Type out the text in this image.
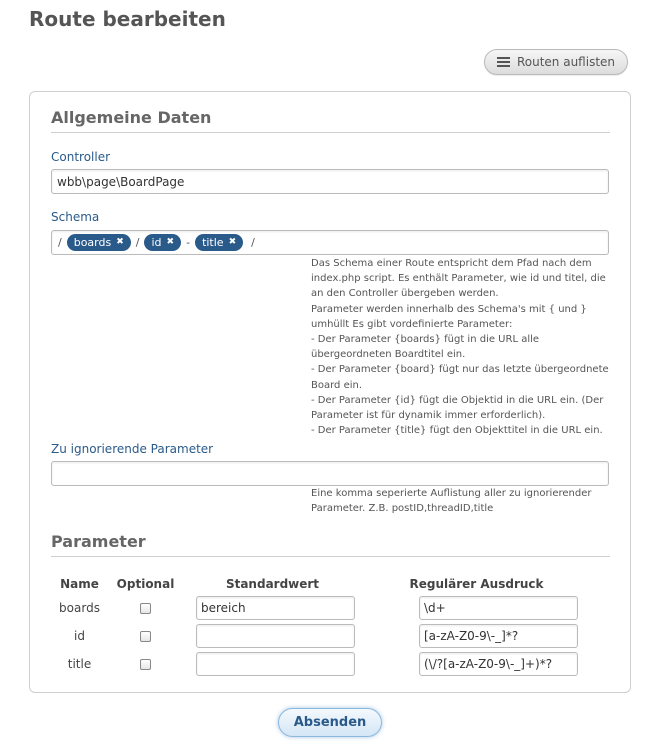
Route bearbeiten
Routen auflisten
Allgemeine Daten
Controller
wbb\page\BoardPage
Schema
/ boards ✖ / id ✖ - title ✖ /
Das Schema einer Route entspricht dem Pfad nach dem
index.php script. Es enthält Parameter, wie id und titel, die
an den Controller übergeben werden.
Parameter werden innerhalb des Schema's mit { und }
umhüllt Es gibt vordefinierte Parameter:
- Der Parameter {boards} fügt in die URL alle
übergeordneten Boardtitel ein.
- Der Parameter {board} fügt nur das letzte übergeordnete
Board ein.
- Der Parameter {id} fügt die Objektid in die URL ein. (Der
Parameter ist für dynamik immer erforderlich).
- Der Parameter {title} fügt den Objekttitel in die URL ein.
Zu ignorierende Parameter
Eine komma seperierte Auflistung aller zu ignorierender
Parameter. Z.B. postID,threadID,title
Parameter
Name	Optional	Standardwert	Regulärer Ausdruck
boards		bereich	\d+

id			[a-zA-Z0-9\-_]*?

title			(\/?[a-zA-Z0-9\-_]+)*?
Absenden
